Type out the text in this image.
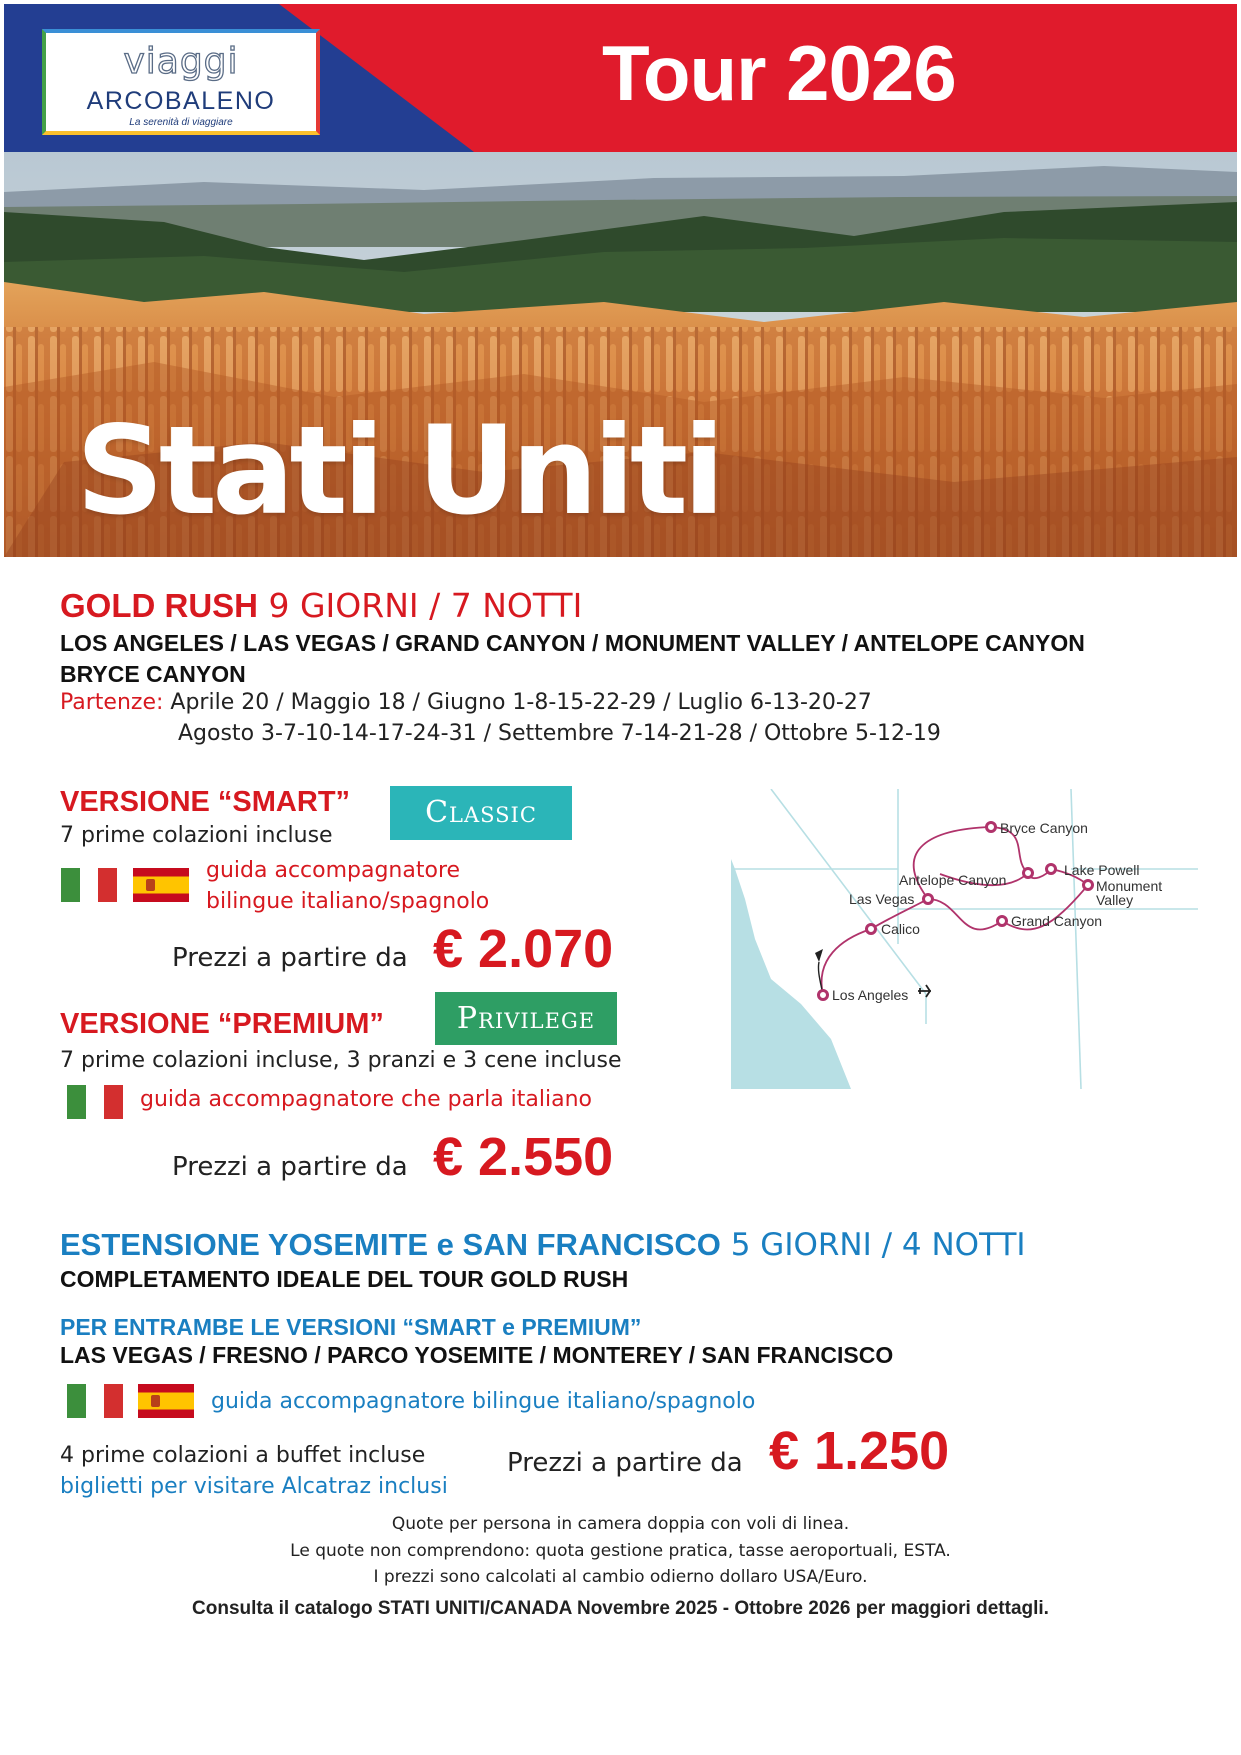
viaggi
ARCOBALENO
La serenità di viaggiare
Tour 2026
Stati Uniti
GOLD RUSH 9 GIORNI / 7 NOTTI
LOS ANGELES / LAS VEGAS / GRAND CANYON / MONUMENT VALLEY / ANTELOPE CANYON
BRYCE CANYON
Partenze: Aprile 20 / Maggio 18 / Giugno 1-8-15-22-29 / Luglio 6-13-20-27
Agosto 3-7-10-14-17-24-31 / Settembre 7-14-21-28 / Ottobre 5-12-19
VERSIONE “SMART”	Classic
7 prime colazioni incluse
guida accompagnatore
bilingue italiano/spagnolo
Prezzi a partire da € 2.070
VERSIONE “PREMIUM”	Privilege
7 prime colazioni incluse, 3 pranzi e 3 cene incluse
guida accompagnatore che parla italiano
Prezzi a partire da € 2.550
Bryce Canyon
Lake Powell
Monument
Valley
Antelope Canyon
Las Vegas
Grand Canyon
Calico
Los Angeles
ESTENSIONE YOSEMITE e SAN FRANCISCO 5 GIORNI / 4 NOTTI
COMPLETAMENTO IDEALE DEL TOUR GOLD RUSH
PER ENTRAMBE LE VERSIONI “SMART e PREMIUM”
LAS VEGAS / FRESNO / PARCO YOSEMITE / MONTEREY / SAN FRANCISCO
guida accompagnatore bilingue italiano/spagnolo
4 prime colazioni a buffet incluse
biglietti per visitare Alcatraz inclusi
Prezzi a partire da € 1.250
Quote per persona in camera doppia con voli di linea.
Le quote non comprendono: quota gestione pratica, tasse aeroportuali, ESTA.
I prezzi sono calcolati al cambio odierno dollaro USA/Euro.
Consulta il catalogo STATI UNITI/CANADA Novembre 2025 - Ottobre 2026 per maggiori dettagli.
